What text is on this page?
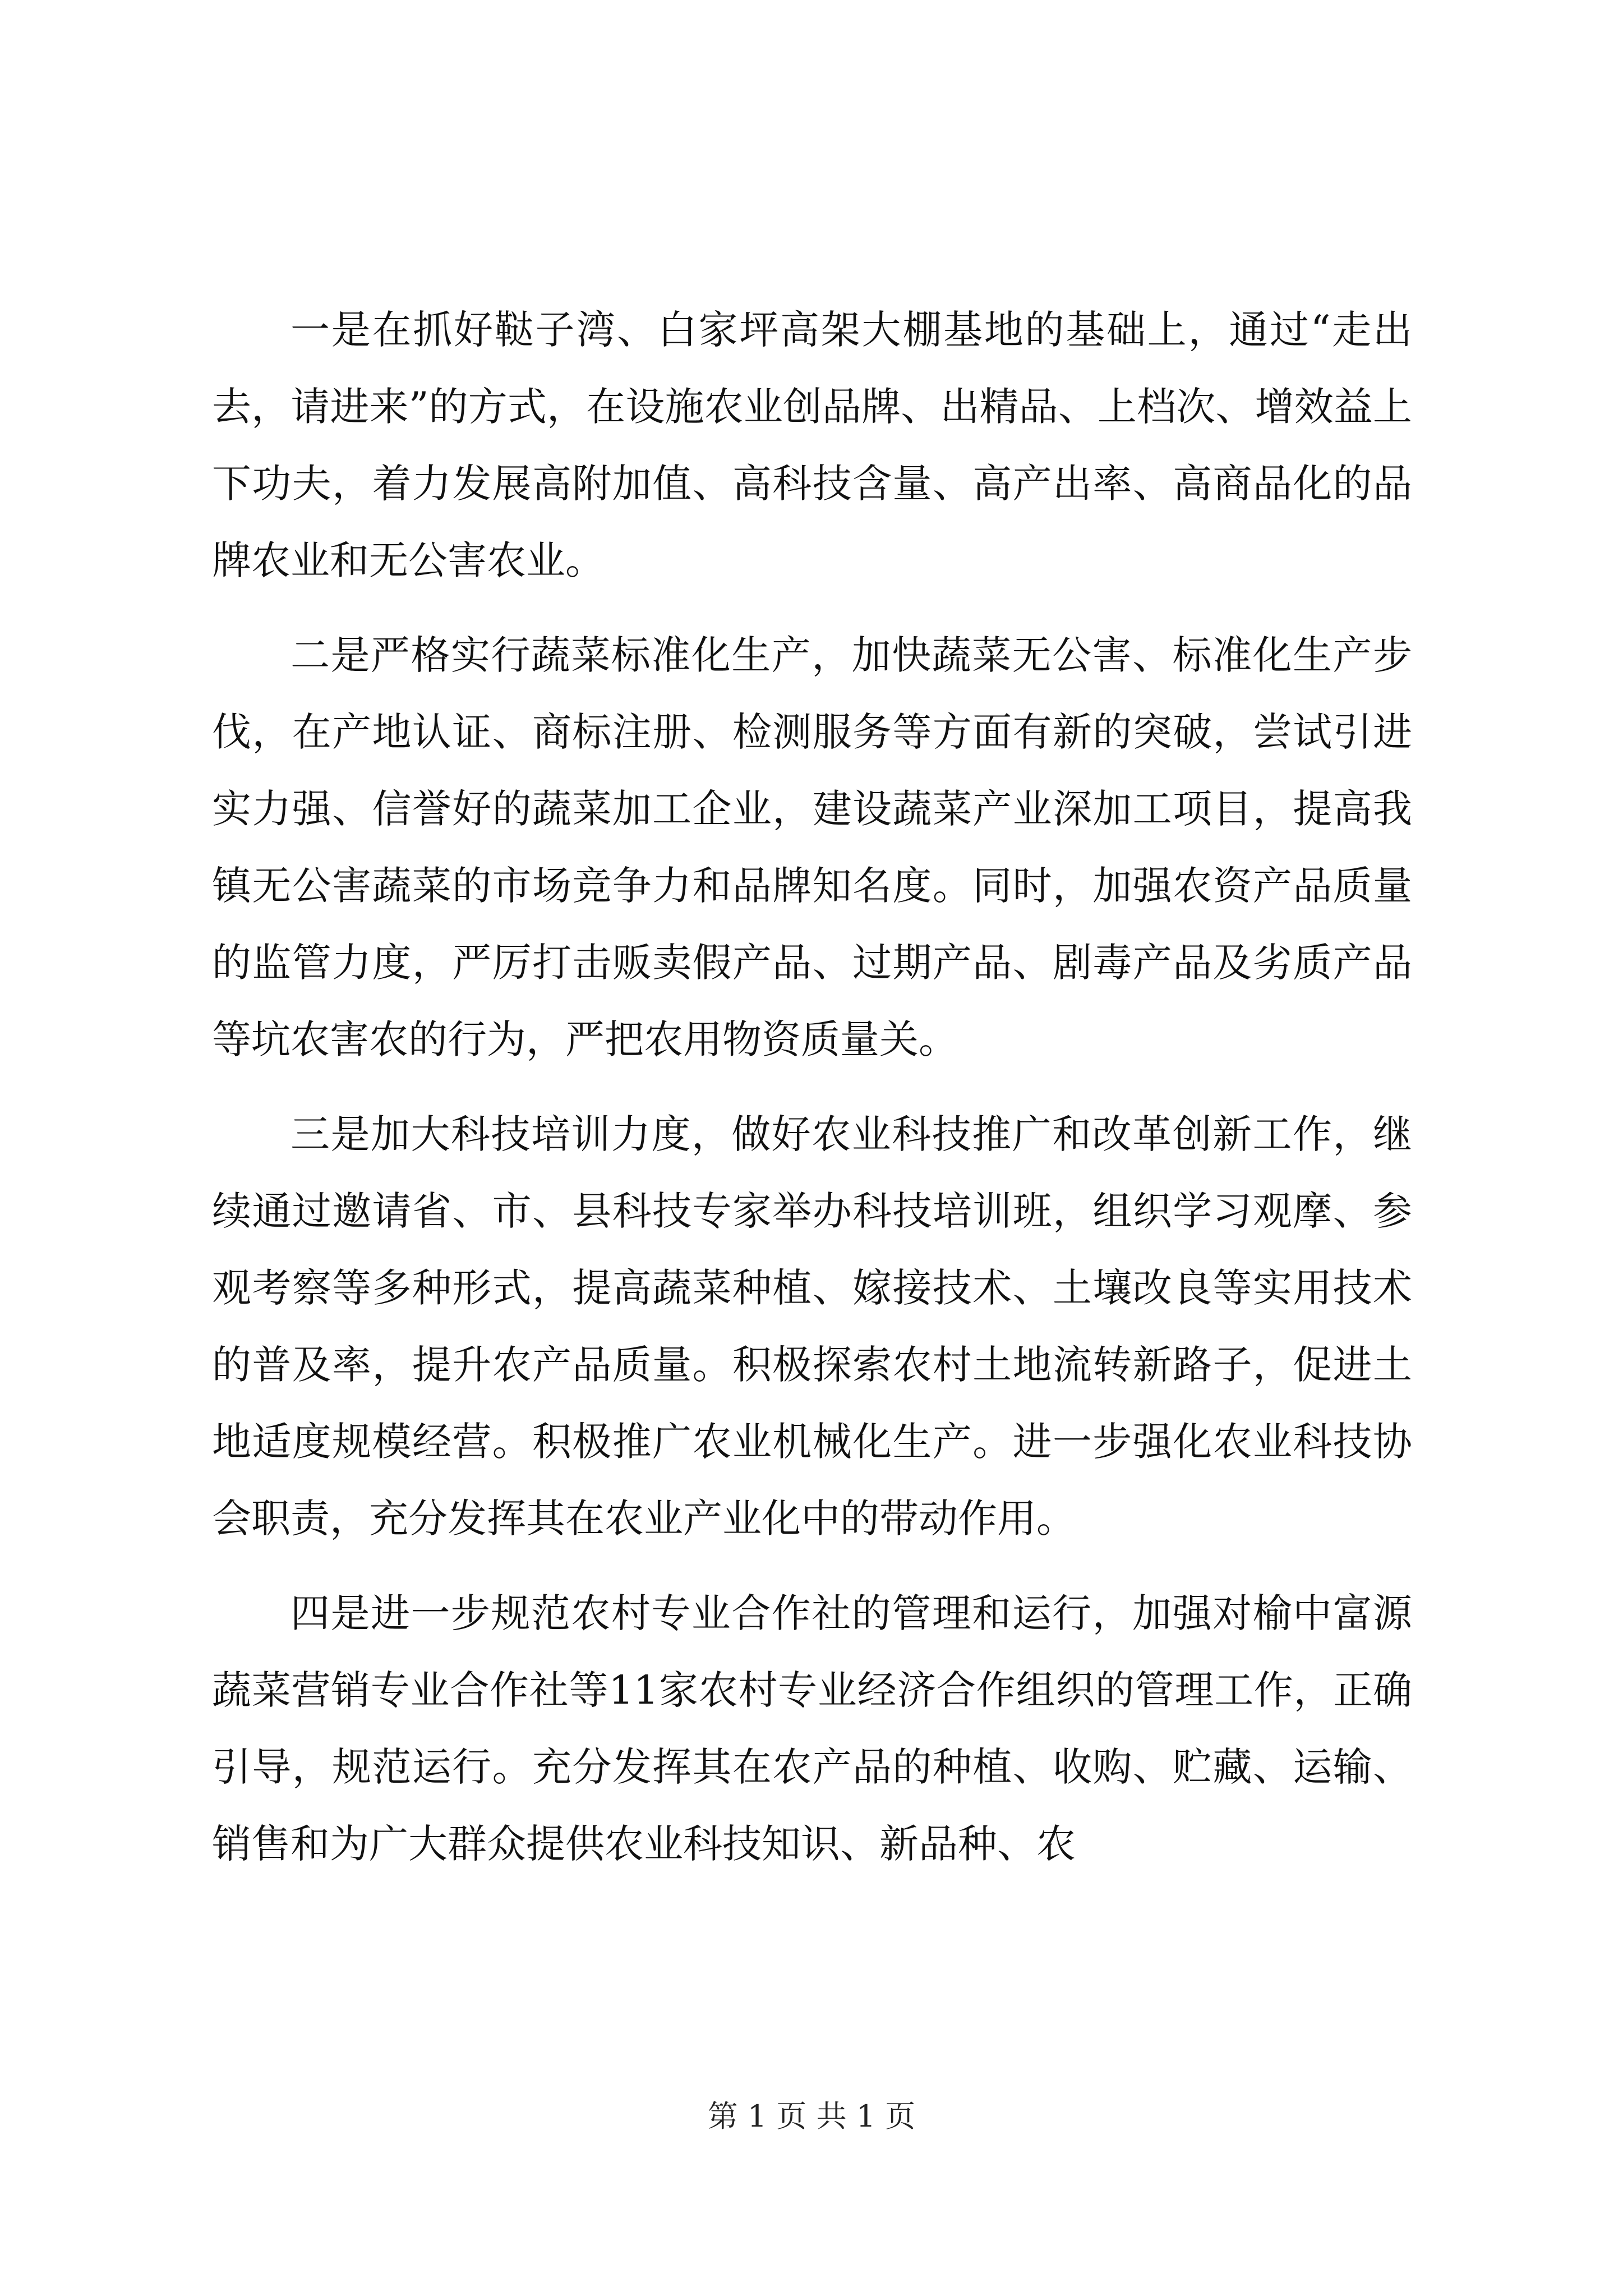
一是在抓好鞑子湾、白家坪高架大棚基地的基础上，通过“走出去，请进来”的方式，在设施农业创品牌、出精品、上档次、增效益上下功夫，着力发展高附加值、高科技含量、高产出率、高商品化的品牌农业和无公害农业。

二是严格实行蔬菜标准化生产，加快蔬菜无公害、标准化生产步伐，在产地认证、商标注册、检测服务等方面有新的突破，尝试引进实力强、信誉好的蔬菜加工企业，建设蔬菜产业深加工项目，提高我镇无公害蔬菜的市场竞争力和品牌知名度。同时，加强农资产品质量的监管力度，严厉打击贩卖假产品、过期产品、剧毒产品及劣质产品等坑农害农的行为，严把农用物资质量关。

三是加大科技培训力度，做好农业科技推广和改革创新工作，继续通过邀请省、市、县科技专家举办科技培训班，组织学习观摩、参观考察等多种形式，提高蔬菜种植、嫁接技术、土壤改良等实用技术的普及率，提升农产品质量。积极探索农村土地流转新路子，促进土地适度规模经营。积极推广农业机械化生产。进一步强化农业科技协会职责，充分发挥其在农业产业化中的带动作用。

四是进一步规范农村专业合作社的管理和运行，加强对榆中富源蔬菜营销专业合作社等11家农村专业经济合作组织的管理工作，正确引导，规范运行。充分发挥其在农产品的种植、收购、贮藏、运输、销售和为广大群众提供农业科技知识、新品种、农

第 1 页 共 1 页
